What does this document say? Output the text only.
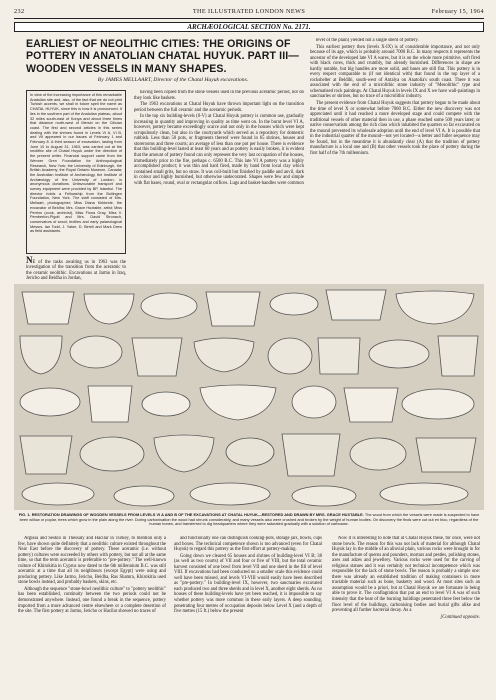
232	THE ILLUSTRATED LONDON NEWS	February 15, 1964
ARCHÆOLOGICAL SECTION No. 2171.
EARLIEST OF NEOLITHIC CITIES: THE ORIGINS OF POTTERY IN ANATOLIAN CHATAL HUYUK. PART III—WOODEN VESSELS IN MANY SHAPES.
By JAMES MELLAART, Director of the Chatal Huyuk excavations.
In view of the increasing importance of this remarkable Anatolian site and, also, of the fact that we do not print Turkish accents, we shall in future spell the name as CHATAL HUYUK, since this is how it is pronounced. It lies in the southern part of the Anatolian plateau, about 32 miles south-east of Konya and about three times that distance north-west of Mersin on the Cilician coast. The first and second articles in this series dealing with the shrines found in Levels VI A, VI B, and VII appeared in our issues of February 1 and February 8. A third season of excavation, lasting from June 10 to August 31, 1963, was carried out at the neolithic site of Chatal Huyuk under the direction of the present writer. Financial support came from the Wenner Gren Foundation for Anthropological Research, New York; the University of Edinburgh, the British Academy, the Royal Ontario Museum, Canada; the Australian Institute of Archæology, the Institute of Archæology of the University of London; in anonymous donations. Unfavourable transport and survey equipment were provided by BP, Istanbul. The director holds a Fellowship from the Bollingen Foundation, New York. The staff consisted of Mrs. Mellaart, photographer; Miss Diana Kirkbride, the excavator of Beidha; Mrs. Grace Huxtable, artist; Miss Perrins (cook, archivist), Miss Fiona Gray, Miss V. Pemberton-Pigott and Mrs. David Stronach, conservators of wood, textiles and early palaeological Messrs. Ian Todd, J. Yaker, D. Birrell and Mark Drew as field assistants.

having been copied from the stone vessels used in the previous aceramic period, nor do they look like baskets.

The 1963 excavations at Chatal Huyuk have thrown important light on the transition period between the full ceramic and the aceramic periods.

In the top six building-levels (0-V) at Chatal Huyuk pottery is common use, gradually increasing in quantity and improving in quality as time went on. In the burnt level VI A, however, pottery became exceedingly scarce and not only in the houses which were kept scrupulously clean, but also in the courtyards which served as a repository for domestic rubbish. Less than 50 pots, or fragments thereof were found in 65 shrines, houses and storerooms and three courts; an average of less than one pot per house. There is evidence that this building-level lasted at least 60 years and as pottery is easily broken, it is evident that the amount of pottery found can only represent the very last occupation of the houses, immediately prior to the fire, perhaps c. 6500 B.C. This late VI A pottery was a highly accomplished product; it was thin and hard fired, made by hand from local clay which contained small grits, but no straw. It was coil-built but finished by paddle and anvil, dark in colour and highly burnished, but otherwise undecorated. Shapes were few and simple with flat bases, round, oval or rectangular orifices. Lugs and basket-handles were common

level of the plain) yielded not a single sherd of pottery.

This earliest pottery then (levels X-IX) is of considerable importance, and not only because of its age, which is probably around 7000 B.C. In many respects it represents the ancestor of the developed late VI A wares, but it is on the whole more primitive, soft fired with black cores, thick and crumbly, but already burnished. Differences in shape are hardly notable, but big handles are more solid, and bases are still flat. This pottery is in every respect comparable to (if not identical with) that found in the top layer of a rockshelter at Beldibi, south-west of Antalya on Anatolia's south coast. There it was associated with the end of a microlithic stone industry of "Mesolithic" type and schematised rock paintings. At Chatal Huyuk in levels IX and X we have wall-paintings in sanctuaries or shrines, but no trace of a microlithic industry.

The present evidence from Chatal Huyuk suggests that pottery began to be made about the time of level X or somewhat before 7000 B.C. Either the new discovery was not appreciated until it had reached a more developed stage and could compete with the traditional vessels of other material then in use, a phase reached some 500 years later; or native conservatism among the rich class which inhabited the quarters so far excavated on the mound prevented its wholesale adoption until the end of level VI A. It is possible that in the industrial quarter of the mound—not yet located—a better and fuller sequence may be found, but in the meantime it is abundantly clear (A) that the tradition of pottery manufacture is a local one and (B) that other vessels took the place of pottery during the first half of the 7th millennium.

FIG. 1. RESTORATION DRAWINGS OF WOODEN VESSELS FROM LEVELS VI A AND B OF THE EXCAVATIONS AT CHATAL HUYUK—RESTORED AND DRAWN BY MRS. GRACE HUXTABLE. The wood from which the vessels were made is suspected to have been willow or poplar, trees which grow in the plain along the river. During carbonisation the wood had shrunk considerably, and many vessels also were crushed and broken by the weight of human bodies. On discovery the finds were cut out en bloc, regardless of the human bones, and transferred to dig headquarters where they were saturated gradually with a solution of carbowax.

Argissa and Sesklo in Thessaly and Hacilar in Turkey, to mention only a few, have shown quite definitely that a neolithic culture existed throughout the Near East before the discovery of pottery. These aceramic (i.e. without pottery) cultures were succeeded by others with pottery, but not all at the same time, so that the term aceramic is preferable to "pre-pottery." The well-known culture of Khirokitia in Cyprus now dated to the 6th millennium B.C. was still aceramic at a time that all its neighbours (except Egypt) were using and producing pottery. Like Jarmo, Jericho, Beidha, Ras Shamra, Khirokitia used stone bowls instead, and probably baskets, skins, etc.

Although the sequence "stone-bowl neolithic culture" to "pottery neolithic" has been established, continuity between the two periods could not be demonstrated anywhere. Instead, one found a break in the sequence, pottery imported from a more advanced centre elsewhere or a complete desertion of the site. The first pottery at Jarmo, Jericho or Hacilar showed no traces of

and functionally one can distinguish cooking-pots, storage jars, bowls, cups and boxes. The technical competence shown is too advanced (even for Chatal Huyuk) to regard this pottery as the first effort at pottery-making.

Going down we cleared 65 houses and shrines of building-level VI B; 38 (as well as two courts) of VII and four or five of VIII, but the total ceramic harvest consisted of one bowl from level VII and one sherd in the fill of level VIII. If excavations had been conducted on a smaller scale this evidence could well have been missed, and levels VI-VIII would easily have been described as "pre-pottery." In building-level IX, however, two sanctuaries excavated each produced two and three sherds and in level X, another eight sherds. As no houses of these building-levels have yet been reached, it is impossible to say whether pottery was more common in these early layers. A deep sounding, penetrating four metres of occupation deposits below Level X (and a depth of five metres (15 ft.) below the present

Now it is interesting to note that at Chatal Huyuk these, for once, were not stone bowls. The reason for this was not lack of material for although Chatal Huyuk lay in the middle of an alluvial plain, various rocks were brought in for the manufacture of querns and pounders, mortars and pestles, polishing stones, axes and adzes and jewellery. Various rocks were used for the carving of religious statues and it was certainly not technical incompetence which was responsible for the lack of stone bowls. The reason is probably a simple one: there was already an established tradition of making containers in more tractable material such as bone, basketry and wood. At most sites such an assumption would be a priori, but at Chatal Huyuk we are fortunate in being able to prove it. The conflagration that put an end to level VI A was of such intensity that the heat of the burning buildings penetrated three feet below the floor level of the buildings, carbonising bodies and burial gifts alike and preventing all further bacterial decay. As a

[Continued opposite.

NE of the tasks awaiting us in 1963 was the investigation of the transition from the aceramic to the ceramic neolithic. Excavations at Jarmo in Iraq, Jericho and Beidha in Jordan,
